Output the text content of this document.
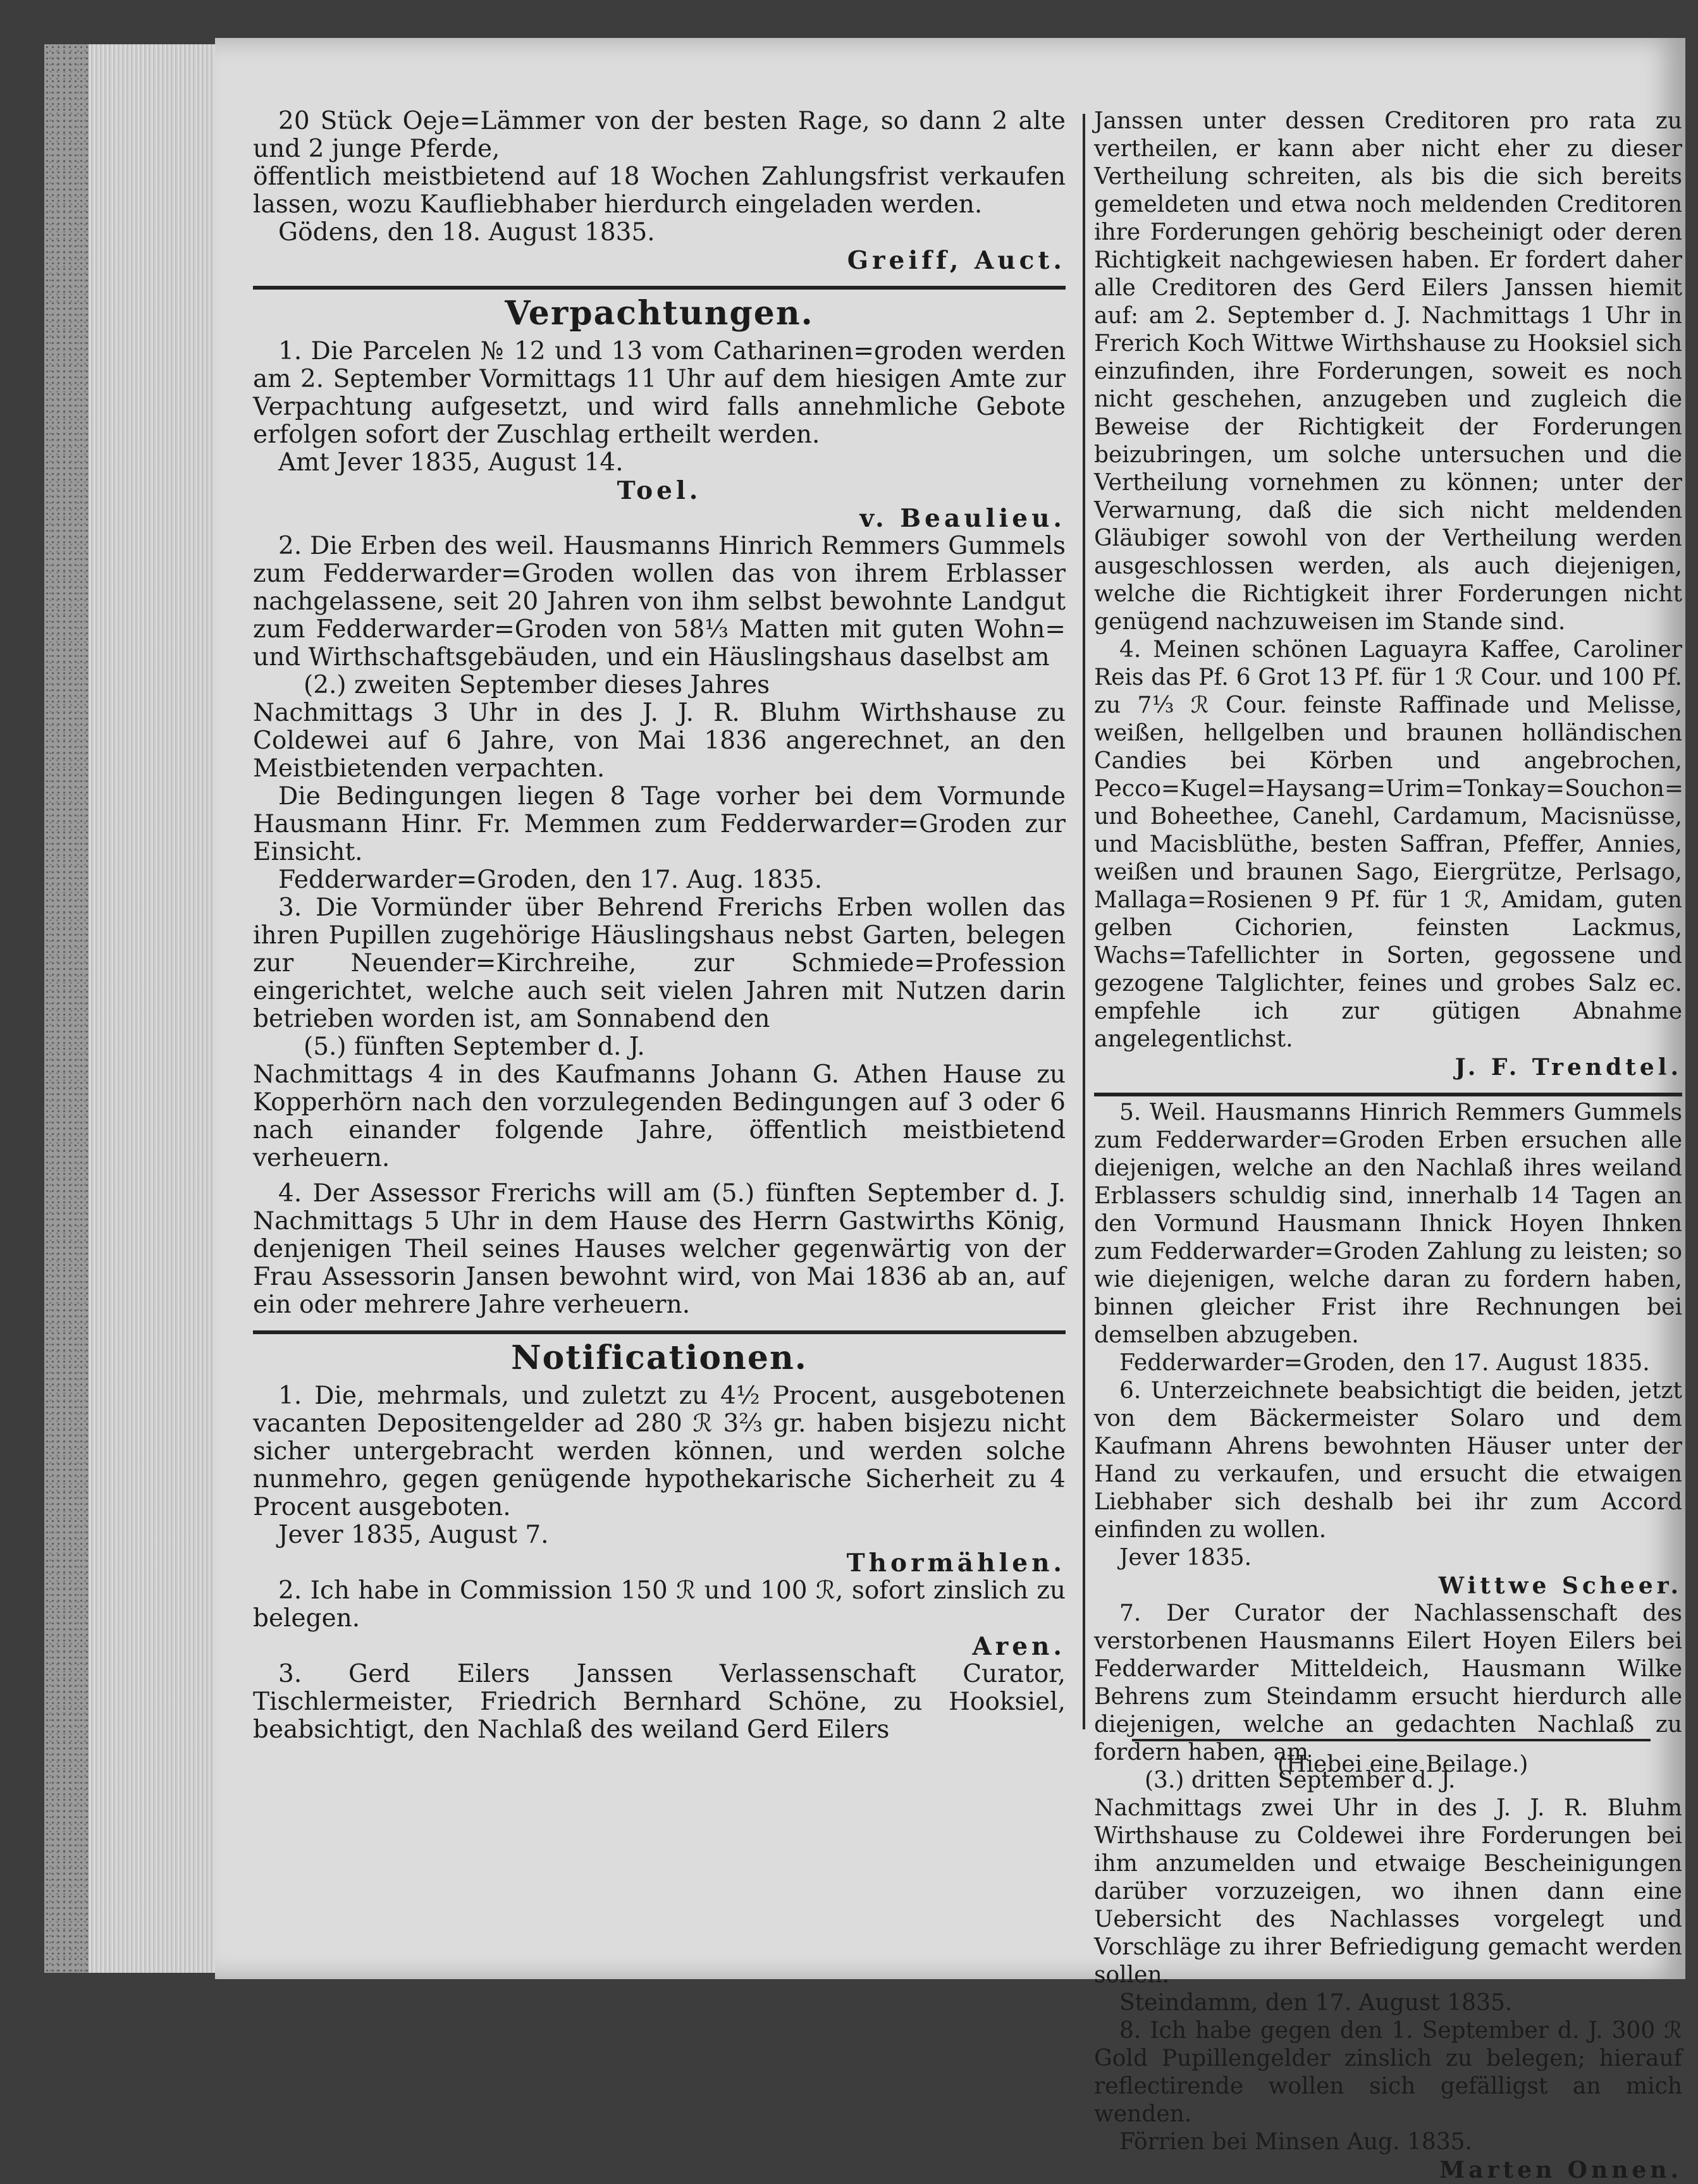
20 Stück Oeje=Lämmer von der besten Rage, so dann 2 alte und 2 junge Pferde,

öffentlich meistbietend auf 18 Wochen Zahlungsfrist verkaufen lassen, wozu Kaufliebhaber hierdurch eingeladen werden.

Gödens, den 18. August 1835.

Greiff, Auct.

Verpachtungen.

1. Die Parcelen № 12 und 13 vom Catharinen=groden werden am 2. September Vormittags 11 Uhr auf dem hiesigen Amte zur Verpachtung aufgesetzt, und wird falls annehmliche Gebote erfolgen sofort der Zuschlag ertheilt werden.

Amt Jever 1835, August 14.

Toel.

v. Beaulieu.

2. Die Erben des weil. Hausmanns Hinrich Remmers Gummels zum Fedderwarder=Groden wollen das von ihrem Erblasser nachgelassene, seit 20 Jahren von ihm selbst bewohnte Landgut zum Fedderwarder=Groden von 58⅓ Matten mit guten Wohn= und Wirthschaftsgebäuden, und ein Häuslingshaus daselbst am

(2.) zweiten September dieses Jahres

Nachmittags 3 Uhr in des J. J. R. Bluhm Wirthshause zu Coldewei auf 6 Jahre, von Mai 1836 angerechnet, an den Meistbietenden verpachten.

Die Bedingungen liegen 8 Tage vorher bei dem Vormunde Hausmann Hinr. Fr. Memmen zum Fedderwarder=Groden zur Einsicht.

Fedderwarder=Groden, den 17. Aug. 1835.

3. Die Vormünder über Behrend Frerichs Erben wollen das ihren Pupillen zugehörige Häuslingshaus nebst Garten, belegen zur Neuender=Kirchreihe, zur Schmiede=Profession eingerichtet, welche auch seit vielen Jahren mit Nutzen darin betrieben worden ist, am Sonnabend den

(5.) fünften September d. J.

Nachmittags 4 in des Kaufmanns Johann G. Athen Hause zu Kopperhörn nach den vorzulegenden Bedingungen auf 3 oder 6 nach einander folgende Jahre, öffentlich meistbietend verheuern.

4. Der Assessor Frerichs will am (5.) fünften September d. J. Nachmittags 5 Uhr in dem Hause des Herrn Gastwirths König, denjenigen Theil seines Hauses welcher gegenwärtig von der Frau Assessorin Jansen bewohnt wird, von Mai 1836 ab an, auf ein oder mehrere Jahre verheuern.

Notificationen.

1. Die, mehrmals, und zuletzt zu 4½ Procent, ausgebotenen vacanten Depositengelder ad 280 ℛ 3⅔ gr. haben bisjezu nicht sicher untergebracht werden können, und werden solche nunmehro, gegen genügende hypothekarische Sicherheit zu 4 Procent ausgeboten.

Jever 1835, August 7.

Thormählen.

2. Ich habe in Commission 150 ℛ und 100 ℛ, sofort zinslich zu belegen.

Aren.

3. Gerd Eilers Janssen Verlassenschaft Curator, Tischlermeister, Friedrich Bernhard Schöne, zu Hooksiel, beabsichtigt, den Nachlaß des weiland Gerd Eilers

Janssen unter dessen Creditoren pro rata zu vertheilen, er kann aber nicht eher zu dieser Vertheilung schreiten, als bis die sich bereits gemeldeten und etwa noch meldenden Creditoren ihre Forderungen gehörig bescheinigt oder deren Richtigkeit nachgewiesen haben. Er fordert daher alle Creditoren des Gerd Eilers Janssen hiemit auf: am 2. September d. J. Nachmittags 1 Uhr in Frerich Koch Wittwe Wirthshause zu Hooksiel sich einzufinden, ihre Forderungen, soweit es noch nicht geschehen, anzugeben und zugleich die Beweise der Richtigkeit der Forderungen beizubringen, um solche untersuchen und die Vertheilung vornehmen zu können; unter der Verwarnung, daß die sich nicht meldenden Gläubiger sowohl von der Vertheilung werden ausgeschlossen werden, als auch diejenigen, welche die Richtigkeit ihrer Forderungen nicht genügend nachzuweisen im Stande sind.

4. Meinen schönen Laguayra Kaffee, Caroliner Reis das Pf. 6 Grot 13 Pf. für 1 ℛ Cour. und 100 Pf. zu 7⅓ ℛ Cour. feinste Raffinade und Melisse, weißen, hellgelben und braunen holländischen Candies bei Körben und angebrochen, Pecco=Kugel=Haysang=Urim=Tonkay=Souchon= und Boheethee, Canehl, Cardamum, Macisnüsse, und Macisblüthe, besten Saffran, Pfeffer, Annies, weißen und braunen Sago, Eiergrütze, Perlsago, Mallaga=Rosienen 9 Pf. für 1 ℛ, Amidam, guten gelben Cichorien, feinsten Lackmus, Wachs=Tafellichter in Sorten, gegossene und gezogene Talglichter, feines und grobes Salz ec. empfehle ich zur gütigen Abnahme angelegentlichst.

J. F. Trendtel.

5. Weil. Hausmanns Hinrich Remmers Gummels zum Fedderwarder=Groden Erben ersuchen alle diejenigen, welche an den Nachlaß ihres weiland Erblassers schuldig sind, innerhalb 14 Tagen an den Vormund Hausmann Ihnick Hoyen Ihnken zum Fedderwarder=Groden Zahlung zu leisten; so wie diejenigen, welche daran zu fordern haben, binnen gleicher Frist ihre Rechnungen bei demselben abzugeben.

Fedderwarder=Groden, den 17. August 1835.

6. Unterzeichnete beabsichtigt die beiden, jetzt von dem Bäckermeister Solaro und dem Kaufmann Ahrens bewohnten Häuser unter der Hand zu verkaufen, und ersucht die etwaigen Liebhaber sich deshalb bei ihr zum Accord einfinden zu wollen.

Jever 1835.

Wittwe Scheer.

7. Der Curator der Nachlassenschaft des verstorbenen Hausmanns Eilert Hoyen Eilers bei Fedderwarder Mitteldeich, Hausmann Wilke Behrens zum Steindamm ersucht hierdurch alle diejenigen, welche an gedachten Nachlaß zu fordern haben, am

(3.) dritten September d. J.

Nachmittags zwei Uhr in des J. J. R. Bluhm Wirthshause zu Coldewei ihre Forderungen bei ihm anzumelden und etwaige Bescheinigungen darüber vorzuzeigen, wo ihnen dann eine Uebersicht des Nachlasses vorgelegt und Vorschläge zu ihrer Befriedigung gemacht werden sollen.

Steindamm, den 17. August 1835.

8. Ich habe gegen den 1. September d. J. 300 ℛ Gold Pupillengelder zinslich zu belegen; hierauf reflectirende wollen sich gefälligst an mich wenden.

Förrien bei Minsen Aug. 1835.

Marten Onnen.

(Hiebei eine Beilage.)
